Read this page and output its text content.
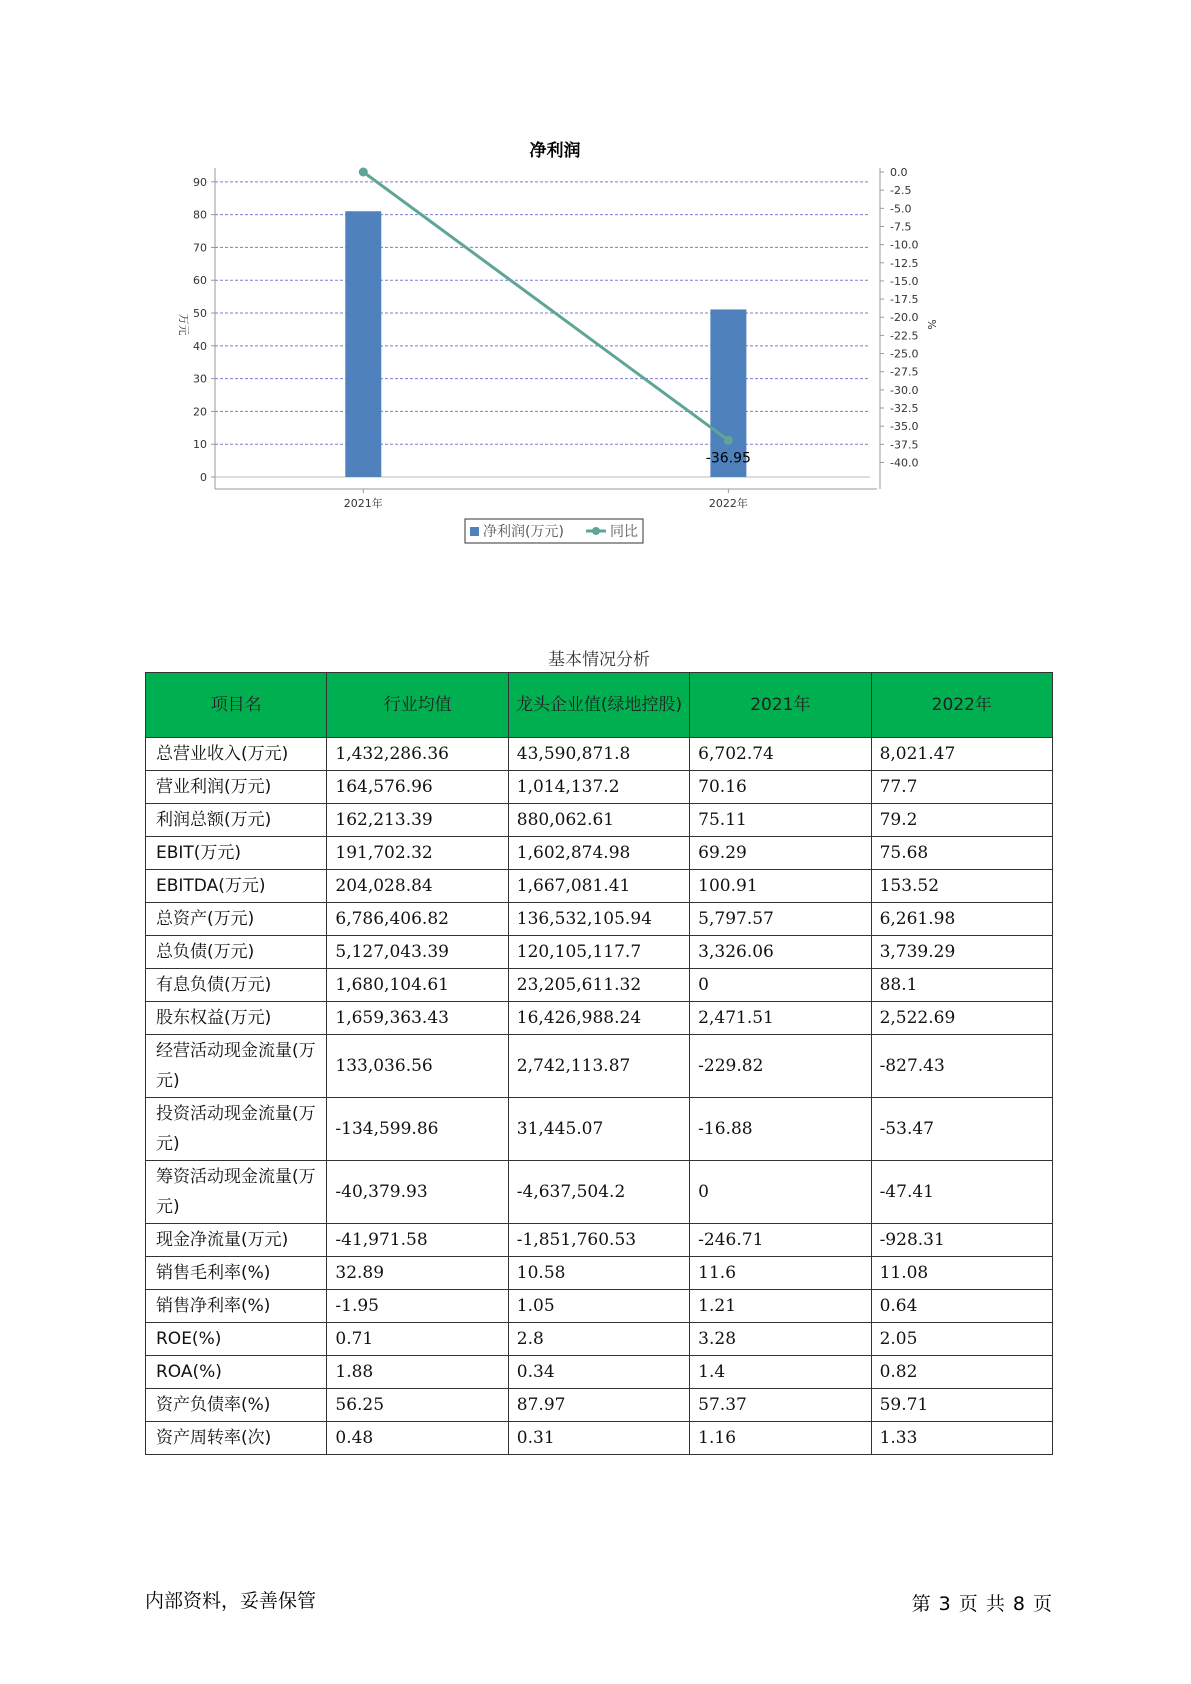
净利润
0
10
20
30
40
50
60
70
80
90
0.0
-2.5
-5.0
-7.5
-10.0
-12.5
-15.0
-17.5
-20.0
-22.5
-25.0
-27.5
-30.0
-32.5
-35.0
-37.5
-40.0
万元	%
2021年	2022年
-36.95
净利润(万元)	同比
基本情况分析
项目名	行业均值	龙头企业值(绿地控股)	2021年	2022年
总营业收入(万元)	1,432,286.36	43,590,871.8	6,702.74	8,021.47
营业利润(万元)	164,576.96	1,014,137.2	70.16	77.7
利润总额(万元)	162,213.39	880,062.61	75.11	79.2
EBIT(万元)	191,702.32	1,602,874.98	69.29	75.68
EBITDA(万元)	204,028.84	1,667,081.41	100.91	153.52
总资产(万元)	6,786,406.82	136,532,105.94	5,797.57	6,261.98
总负债(万元)	5,127,043.39	120,105,117.7	3,326.06	3,739.29
有息负债(万元)	1,680,104.61	23,205,611.32	0	88.1
股东权益(万元)	1,659,363.43	16,426,988.24	2,471.51	2,522.69
经营活动现金流量(万元)	133,036.56	2,742,113.87	-229.82	-827.43
投资活动现金流量(万元)	-134,599.86	31,445.07	-16.88	-53.47
筹资活动现金流量(万元)	-40,379.93	-4,637,504.2	0	-47.41
现金净流量(万元)	-41,971.58	-1,851,760.53	-246.71	-928.31
销售毛利率(%)	32.89	10.58	11.6	11.08
销售净利率(%)	-1.95	1.05	1.21	0.64
ROE(%)	0.71	2.8	3.28	2.05
ROA(%)	1.88	0.34	1.4	0.82
资产负债率(%)	56.25	87.97	57.37	59.71
资产周转率(次)	0.48	0.31	1.16	1.33
内部资料，妥善保管	第 3 页 共 8 页
